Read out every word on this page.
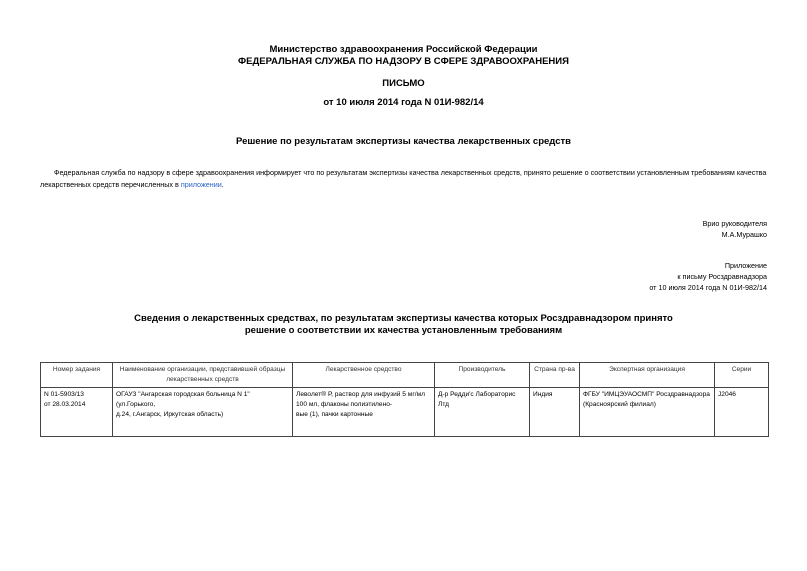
Министерство здравоохранения Российской Федерации
ФЕДЕРАЛЬНАЯ СЛУЖБА ПО НАДЗОРУ В СФЕРЕ ЗДРАВООХРАНЕНИЯ
ПИСЬМО
от 10 июля 2014 года N 01И-982/14
Решение по результатам экспертизы качества лекарственных средств
Федеральная служба по надзору в сфере здравоохранения информирует что по результатам экспертизы качества лекарственных средств, принято решение о соответствии установленным требованиям качества лекарственных средств перечисленных в приложении.
Врио руководителя
М.А.Мурашко
Приложение
к письму Росздравнадзора
от 10 июля 2014 года N 01И-982/14
Сведения о лекарственных средствах, по результатам экспертизы качества которых Росздравнадзором принято решение о соответствии их качества установленным требованиям
Номер задания	Наименование организации, представившей образцы лекарственных средств	Лекарственное средство	Производитель	Страна пр-ва	Экспертная организация	Серии
N 01-5903/13
от 28.03.2014	ОГАУЗ "Ангарская городская больница N 1" (ул.Горького,
д.24, г.Ангарск, Иркутская область)	Леволет® Р, раствор для инфузий 5 мг/мл
100 мл, флаконы полиэтилено-
вые (1), пачки картонные	Д-р Редди'с Лабораторис
Лтд	Индия	ФГБУ "ИМЦЭУАОСМП" Росздравнадзора
(Красноярский филиал)	J2046
